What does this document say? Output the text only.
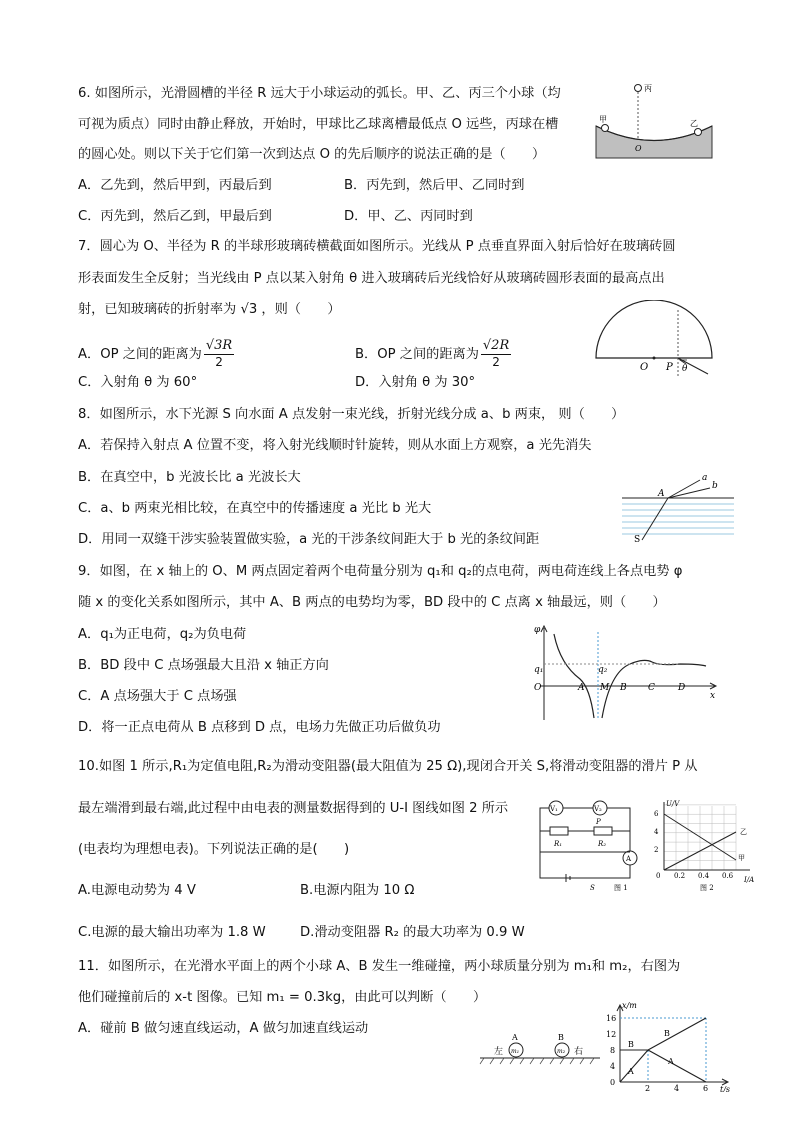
6. 如图所示，光滑圆槽的半径 R 远大于小球运动的弧长。甲、乙、丙三个小球（均
可视为质点）同时由静止释放，开始时，甲球比乙球离槽最低点 O 远些，丙球在槽
的圆心处。则以下关于它们第一次到达点 O 的先后顺序的说法正确的是（　　）
A．乙先到，然后甲到，丙最后到	B．丙先到，然后甲、乙同时到
C．丙先到，然后乙到，甲最后到	D．甲、乙、丙同时到
丙
甲	乙
O
7．圆心为 O、半径为 R 的半球形玻璃砖横截面如图所示。光线从 P 点垂直界面入射后恰好在玻璃砖圆
形表面发生全反射；当光线由 P 点以某入射角 θ 进入玻璃砖后光线恰好从玻璃砖圆形表面的最高点出
射，已知玻璃砖的折射率为 √3 ，则（　　）
A．OP 之间的距离为 $\frac{√3R}{2}$	B．OP 之间的距离为 $\frac{√2R}{2}$
C．入射角 θ 为 60°	D．入射角 θ 为 30°
O P θ
8．如图所示，水下光源 S 向水面 A 点发射一束光线，折射光线分成 a、b 两束， 则（　　）
A．若保持入射点 A 位置不变，将入射光线顺时针旋转，则从水面上方观察，a 光先消失
B．在真空中，b 光波长比 a 光波长大
C．a、b 两束光相比较，在真空中的传播速度 a 光比 b 光大
D．用同一双缝干涉实验装置做实验，a 光的干涉条纹间距大于 b 光的条纹间距
a
b
A
S
9．如图，在 x 轴上的 O、M 两点固定着两个电荷量分别为 q₁和 q₂的点电荷，两电荷连线上各点电势 φ
随 x 的变化关系如图所示，其中 A、B 两点的电势均为零，BD 段中的 C 点离 x 轴最远，则（　　）
A．q₁为正电荷，q₂为负电荷
B．BD 段中 C 点场强最大且沿 x 轴正方向
C．A 点场强大于 C 点场强
D．将一正点电荷从 B 点移到 D 点，电场力先做正功后做负功
φ
q₁	q₂
O	A M B C	D
x
10.如图 1 所示,R₁为定值电阻,R₂为滑动变阻器(最大阻值为 25 Ω),现闭合开关 S,将滑动变阻器的滑片 P 从
最左端滑到最右端,此过程中由电表的测量数据得到的 U-I 图线如图 2 所示
(电表均为理想电表)。下列说法正确的是(　　)
A.电源电动势为 4 V	B.电源内阻为 10 Ω
C.电源的最大输出功率为 1.8 W	D.滑动变阻器 R₂ 的最大功率为 0.9 W
V₁	V₂
R₁	R₂
P
A
S	图 1
U/V
I/A
6
4
2
0 0.2 0.4 0.6
乙
甲
图 2
11．如图所示，在光滑水平面上的两个小球 A、B 发生一维碰撞，两小球质量分别为 m₁和 m₂，右图为
他们碰撞前后的 x-t 图像。已知 m₁ = 0.3kg，由此可以判断（　　）
A．碰前 B 做匀速直线运动，A 做匀加速直线运动
A	B
m₁	m₂
左	右
x/m
t/s
16
12
8
4
0
2	4	6
B
B
A
A
